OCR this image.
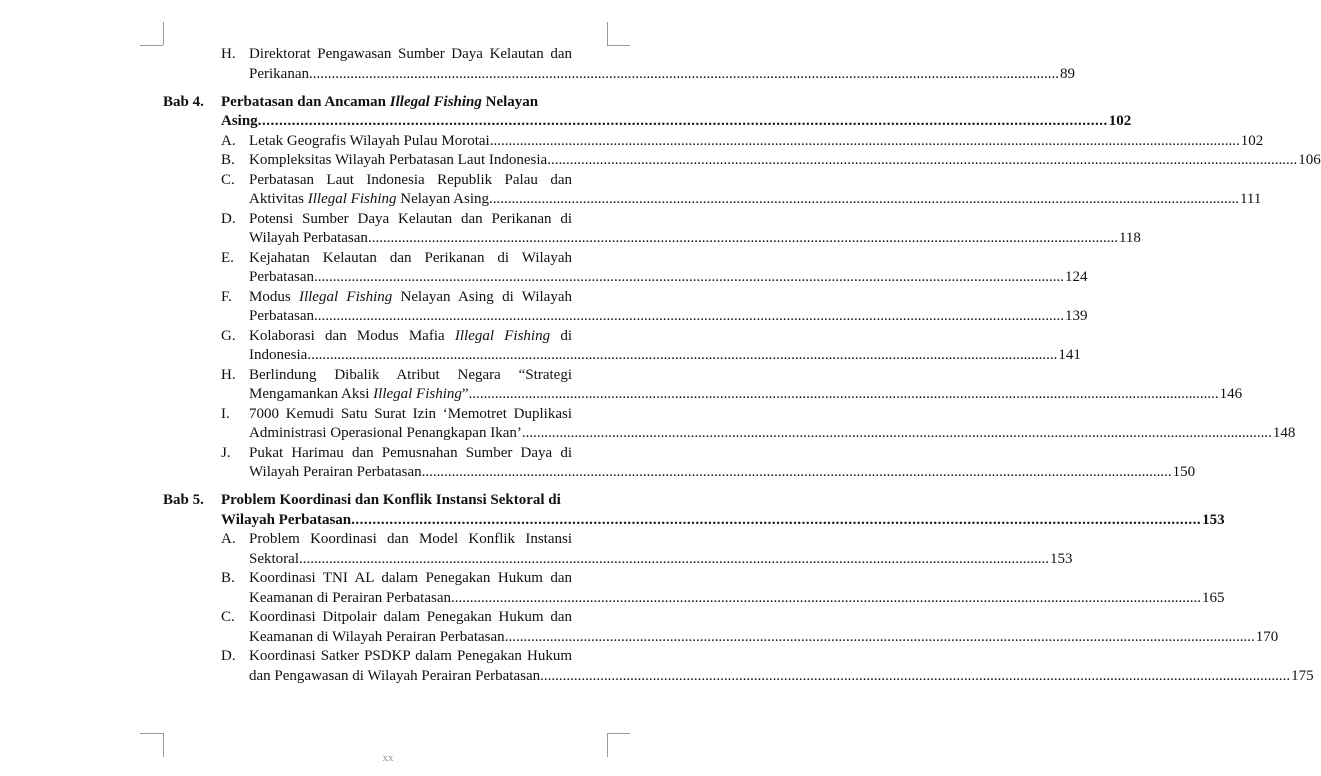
H. Direktorat Pengawasan Sumber Daya Kelautan dan
Perikanan ........................................................................................................................................................................................................ 89
Bab 4. Perbatasan dan Ancaman Illegal Fishing Nelayan
Asing ........................................................................................................................................................................................................ 102
A. Letak Geografis Wilayah Pulau Morotai ........................................................................................................................................................................................................ 102
B. Kompleksitas Wilayah Perbatasan Laut Indonesia ........................................................................................................................................................................................................ 106
C. Perbatasan Laut Indonesia Republik Palau dan
Aktivitas Illegal Fishing Nelayan Asing ........................................................................................................................................................................................................ 111
D. Potensi Sumber Daya Kelautan dan Perikanan di
Wilayah Perbatasan ........................................................................................................................................................................................................ 118
E. Kejahatan Kelautan dan Perikanan di Wilayah
Perbatasan ........................................................................................................................................................................................................ 124
F. Modus Illegal Fishing Nelayan Asing di Wilayah
Perbatasan ........................................................................................................................................................................................................ 139
G. Kolaborasi dan Modus Mafia Illegal Fishing di
Indonesia ........................................................................................................................................................................................................ 141
H. Berlindung Dibalik Atribut Negara “Strategi
Mengamankan Aksi Illegal Fishing” ........................................................................................................................................................................................................ 146
I. 7000 Kemudi Satu Surat Izin ‘Memotret Duplikasi
Administrasi Operasional Penangkapan Ikan’ ........................................................................................................................................................................................................ 148
J. Pukat Harimau dan Pemusnahan Sumber Daya di
Wilayah Perairan Perbatasan ........................................................................................................................................................................................................ 150
Bab 5. Problem Koordinasi dan Konflik Instansi Sektoral di
Wilayah Perbatasan ........................................................................................................................................................................................................ 153
A. Problem Koordinasi dan Model Konflik Instansi
Sektoral ........................................................................................................................................................................................................ 153
B. Koordinasi TNI AL dalam Penegakan Hukum dan
Keamanan di Perairan Perbatasan ........................................................................................................................................................................................................ 165
C. Koordinasi Ditpolair dalam Penegakan Hukum dan
Keamanan di Wilayah Perairan Perbatasan ........................................................................................................................................................................................................ 170
D. Koordinasi Satker PSDKP dalam Penegakan Hukum
dan Pengawasan di Wilayah Perairan Perbatasan ........................................................................................................................................................................................................ 175
xx
